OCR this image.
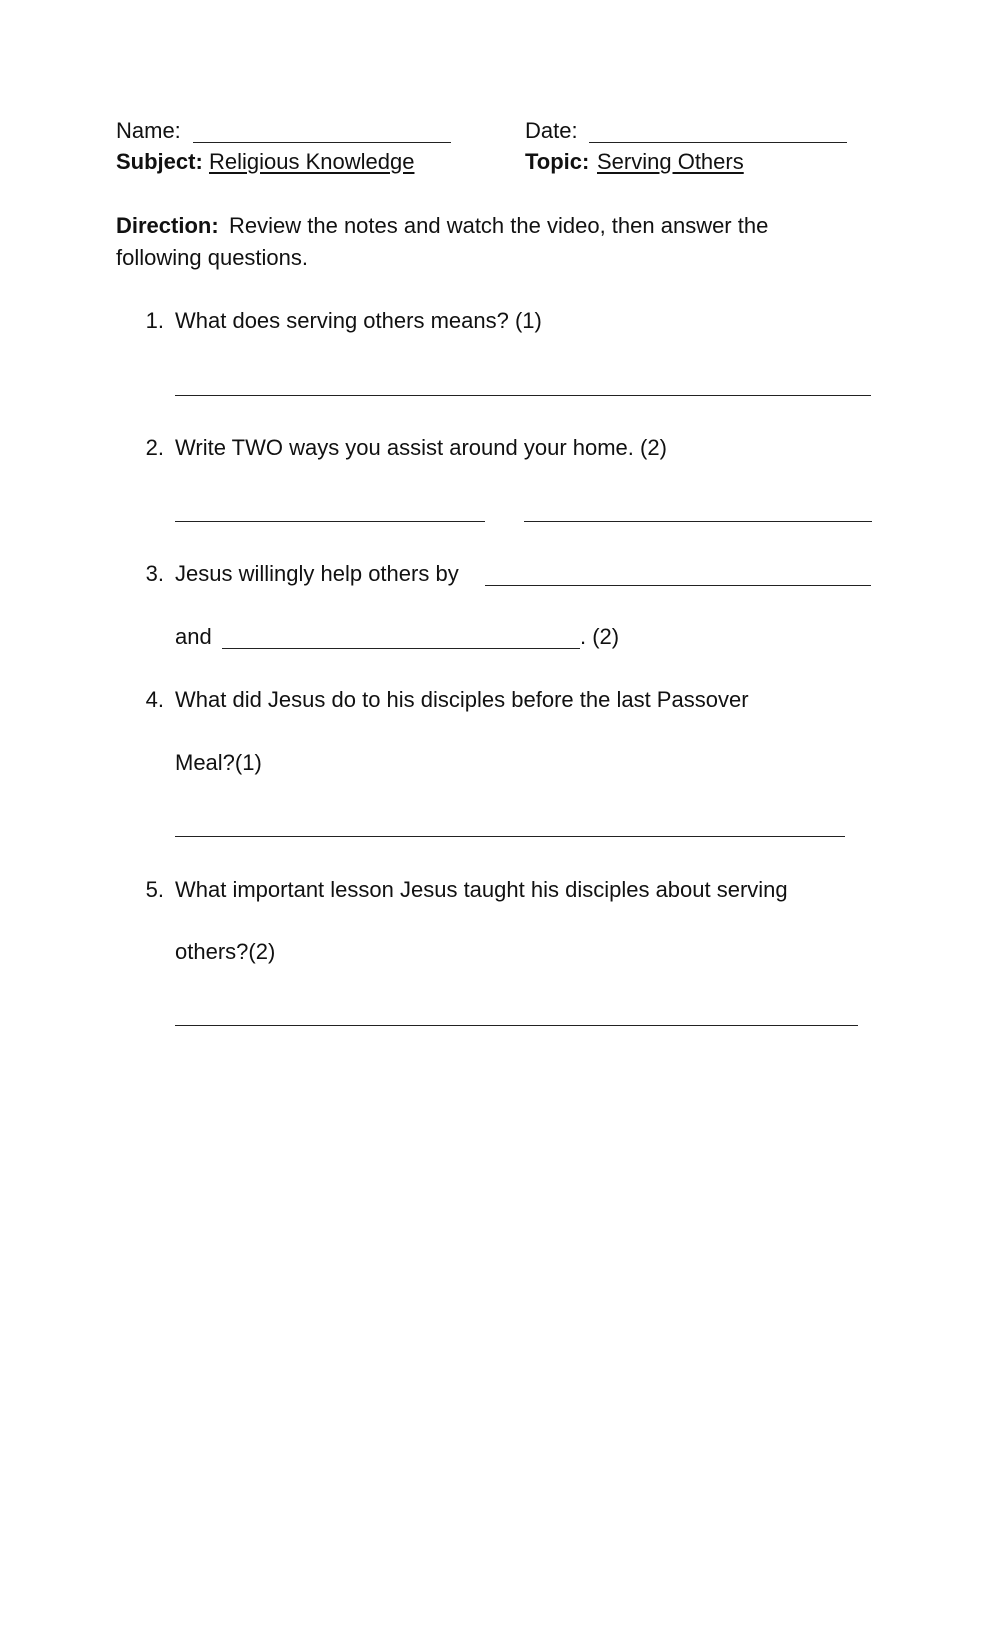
Name:	Date:
Subject: Religious Knowledge	Topic: Serving Others
Direction: Review the notes and watch the video, then answer the
following questions.
1. What does serving others means? (1)
2. Write TWO ways you assist around your home. (2)
3. Jesus willingly help others by
and	. (2)
4. What did Jesus do to his disciples before the last Passover
Meal?(1)
5. What important lesson Jesus taught his disciples about serving
others?(2)
